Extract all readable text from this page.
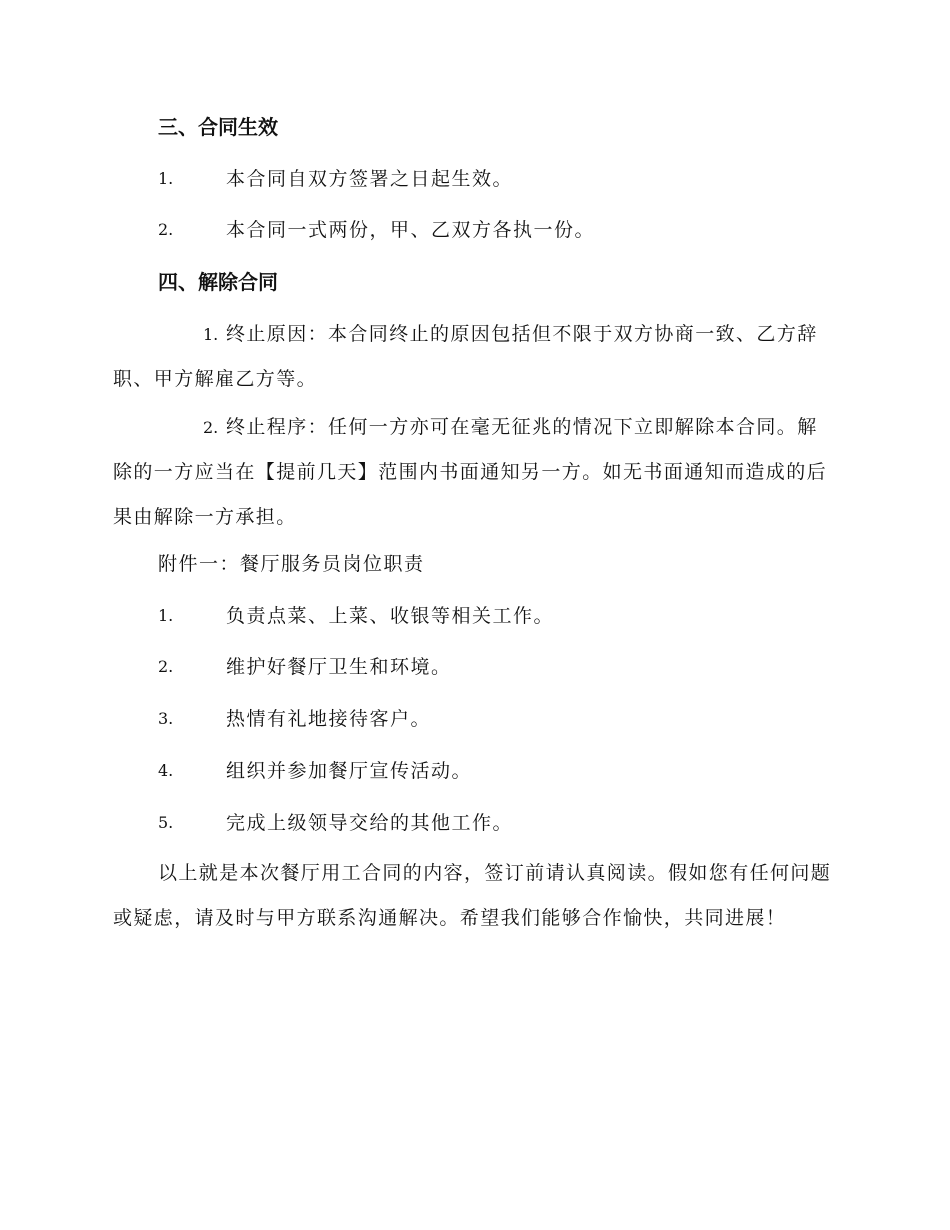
三、合同生效
1.	本合同自双方签署之日起生效。
2.	本合同一式两份，甲、乙双方各执一份。
四、解除合同

1. 终止原因：本合同终止的原因包括但不限于双方协商一致、乙方辞职、甲方解雇乙方等。

2. 终止程序：任何一方亦可在毫无征兆的情况下立即解除本合同。解除的一方应当在【提前几天】范围内书面通知另一方。如无书面通知而造成的后果由解除一方承担。

附件一：餐厅服务员岗位职责
1.	负责点菜、上菜、收银等相关工作。
2.	维护好餐厅卫生和环境。
3.	热情有礼地接待客户。
4.	组织并参加餐厅宣传活动。
5.	完成上级领导交给的其他工作。

以上就是本次餐厅用工合同的内容，签订前请认真阅读。假如您有任何问题或疑虑，请及时与甲方联系沟通解决。希望我们能够合作愉快，共同进展！
